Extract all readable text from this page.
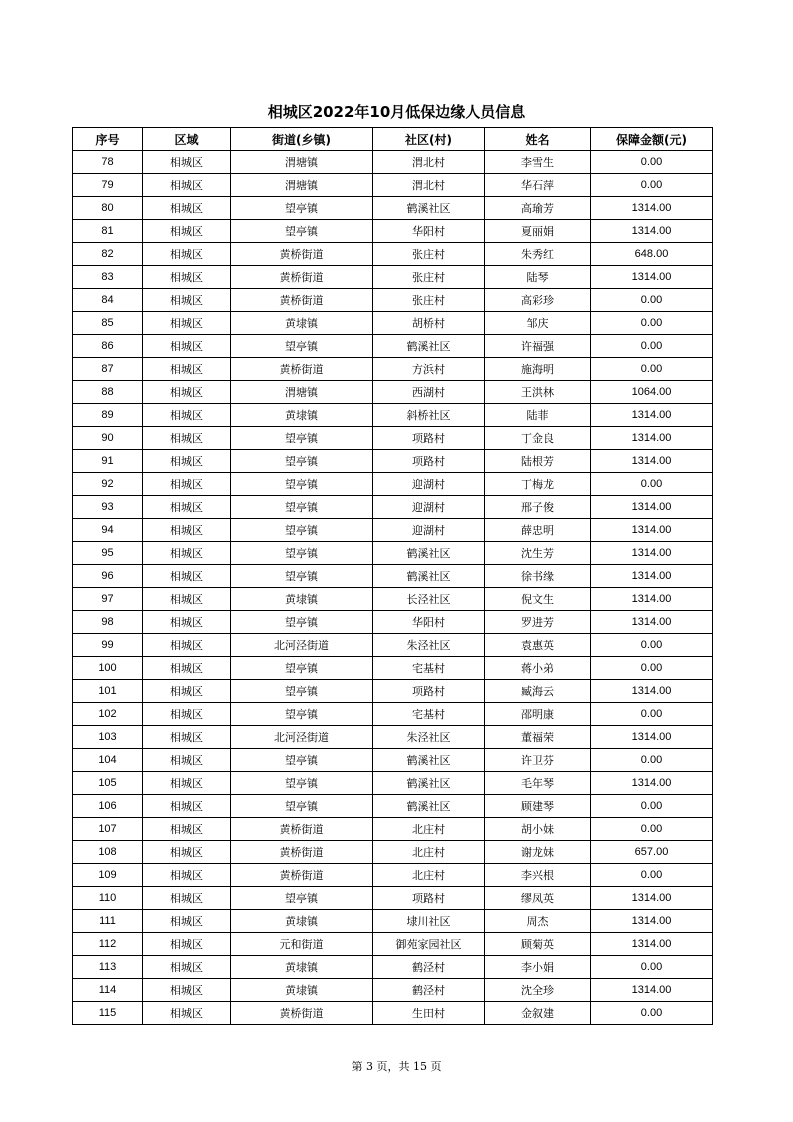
相城区2022年10月低保边缘人员信息
序号	区域	街道(乡镇)	社区(村)	姓名	保障金额(元)
78	相城区	渭塘镇	渭北村	李雪生	0.00
79	相城区	渭塘镇	渭北村	华石萍	0.00
80	相城区	望亭镇	鹤溪社区	高瑜芳	1314.00
81	相城区	望亭镇	华阳村	夏丽娟	1314.00
82	相城区	黄桥街道	张庄村	朱秀红	648.00
83	相城区	黄桥街道	张庄村	陆琴	1314.00
84	相城区	黄桥街道	张庄村	高彩珍	0.00
85	相城区	黄埭镇	胡桥村	邹庆	0.00
86	相城区	望亭镇	鹤溪社区	许福强	0.00
87	相城区	黄桥街道	方浜村	施海明	0.00
88	相城区	渭塘镇	西湖村	王洪林	1064.00
89	相城区	黄埭镇	斜桥社区	陆菲	1314.00
90	相城区	望亭镇	项路村	丁金良	1314.00
91	相城区	望亭镇	项路村	陆根芳	1314.00
92	相城区	望亭镇	迎湖村	丁梅龙	0.00
93	相城区	望亭镇	迎湖村	邢子俊	1314.00
94	相城区	望亭镇	迎湖村	薛忠明	1314.00
95	相城区	望亭镇	鹤溪社区	沈生芳	1314.00
96	相城区	望亭镇	鹤溪社区	徐书缘	1314.00
97	相城区	黄埭镇	长泾社区	倪文生	1314.00
98	相城区	望亭镇	华阳村	罗进芳	1314.00
99	相城区	北河泾街道	朱泾社区	袁惠英	0.00
100	相城区	望亭镇	宅基村	蒋小弟	0.00
101	相城区	望亭镇	项路村	臧海云	1314.00
102	相城区	望亭镇	宅基村	邵明康	0.00
103	相城区	北河泾街道	朱泾社区	董福荣	1314.00
104	相城区	望亭镇	鹤溪社区	许卫芬	0.00
105	相城区	望亭镇	鹤溪社区	毛年琴	1314.00
106	相城区	望亭镇	鹤溪社区	顾建琴	0.00
107	相城区	黄桥街道	北庄村	胡小妹	0.00
108	相城区	黄桥街道	北庄村	谢龙妹	657.00
109	相城区	黄桥街道	北庄村	李兴根	0.00
110	相城区	望亭镇	项路村	缪凤英	1314.00
111	相城区	黄埭镇	埭川社区	周杰	1314.00
112	相城区	元和街道	御苑家园社区	顾菊英	1314.00
113	相城区	黄埭镇	鹤泾村	李小娟	0.00
114	相城区	黄埭镇	鹤泾村	沈全珍	1314.00
115	相城区	黄桥街道	生田村	金叙建	0.00
第 3 页，共 15 页
